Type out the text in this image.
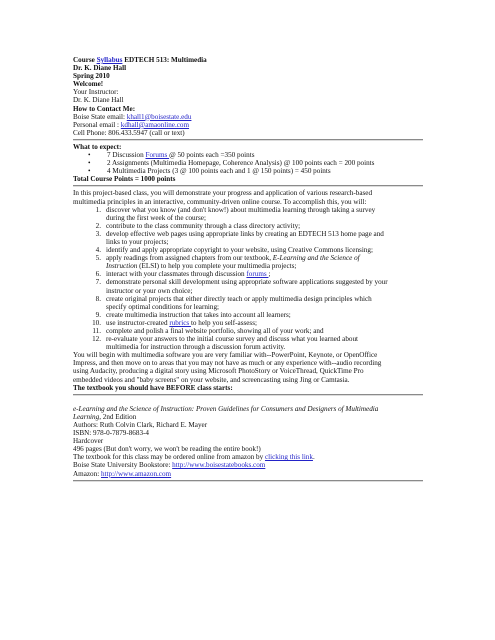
Course Syllabus EDTECH 513: Multimedia
Dr. K. Diane Hall
Spring 2010
Welcome!
Your Instructor:
Dr. K. Diane Hall
How to Contact Me:
Boise State email: khall1@boisestate.edu
Personal email : kdhall@amaonline.com
Cell Phone: 806.433.5947 (call or text)
What to expect:
• 7 Discussion Forums @ 50 points each =350 points
• 2 Assignments (Multimedia Homepage, Coherence Analysis) @ 100 points each = 200 points
• 4 Multimedia Projects (3 @ 100 points each and 1 @ 150 points) = 450 points
Total Course Points = 1000 points
In this project-based class, you will demonstrate your progress and application of various research-based
multimedia principles in an interactive, community-driven online course. To accomplish this, you will:
1. discover what you know (and don't know!) about multimedia learning through taking a survey
during the first week of the course;
2. contribute to the class community through a class directory activity;
3. develop effective web pages using appropriate links by creating an EDTECH 513 home page and
links to your projects;
4. identify and apply appropriate copyright to your website, using Creative Commons licensing;
5. apply readings from assigned chapters from our textbook, E-Learning and the Science of
Instruction (ELSI) to help you complete your multimedia projects;
6. interact with your classmates through discussion forums ;
7. demonstrate personal skill development using appropriate software applications suggested by your
instructor or your own choice;
8. create original projects that either directly teach or apply multimedia design principles which
specify optimal conditions for learning;
9. create multimedia instruction that takes into account all learners;
10. use instructor-created rubrics to help you self-assess;
11. complete and polish a final website portfolio, showing all of your work; and
12. re-evaluate your answers to the initial course survey and discuss what you learned about
multimedia for instruction through a discussion forum activity.
You will begin with multimedia software you are very familiar with--PowerPoint, Keynote, or OpenOffice
Impress, and then move on to areas that you may not have as much or any experience with--audio recording
using Audacity, producing a digital story using Microsoft PhotoStory or VoiceThread, QuickTime Pro
embedded videos and "baby screens" on your website, and screencasting using Jing or Camtasia.
The textbook you should have BEFORE class starts:
e-Learning and the Science of Instruction: Proven Guidelines for Consumers and Designers of Multimedia
Learning, 2nd Edition
Authors: Ruth Colvin Clark, Richard E. Mayer
ISBN: 978-0-7879-8683-4
Hardcover
496 pages (But don't worry, we won't be reading the entire book!)
The textbook for this class may be ordered online from amazon by clicking this link.
Boise State University Bookstore: http://www.boisestatebooks.com
Amazon: http://www.amazon.com
